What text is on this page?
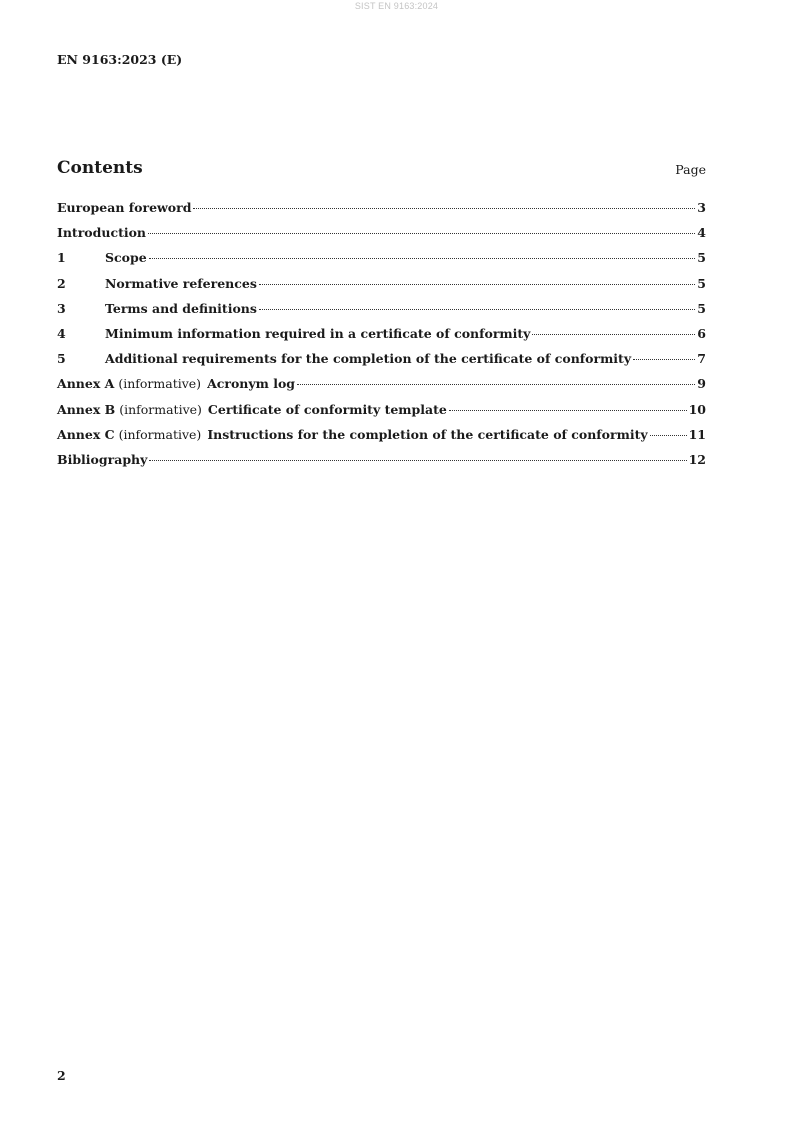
SIST EN 9163:2024
EN 9163:2023 (E)
Contents	Page
European foreword	3
Introduction	4
1	Scope	5
2	Normative references	5
3	Terms and definitions	5
4	Minimum information required in a certificate of conformity	6
5	Additional requirements for the completion of the certificate of conformity	7
Annex A (informative) Acronym log	9
Annex B (informative) Certificate of conformity template	10
Annex C (informative) Instructions for the completion of the certificate of conformity	11
Bibliography	12
2
